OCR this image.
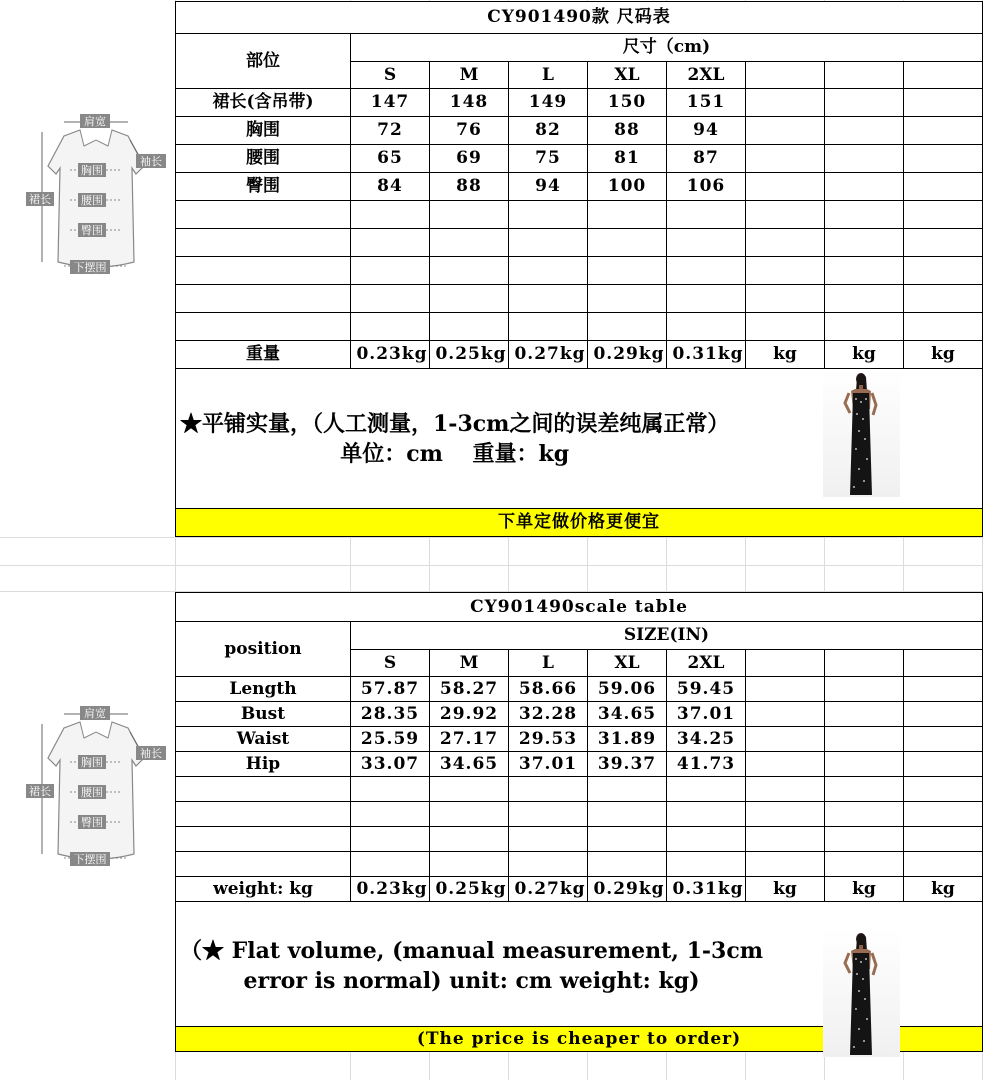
CY901490款 尺码表								
部位	尺寸（cm)							
	S	M	L	XL	2XL			
裙长(含吊带)	147	148	149	150	151			
胸围	72	76	82	88	94			
腰围	65	69	75	81	87			
臀围	84	88	94	100	106			

重量	0.23kg	0.25kg	0.27kg	0.29kg	0.31kg	kg	kg	kg

★平铺实量，（人工测量，1-3cm之间的误差纯属正常）
单位：cm　 重量：kg								

下单定做价格更便宜								
CY901490scale table								
position	SIZE(IN)							
	S	M	L	XL	2XL			
Length	57.87	58.27	58.66	59.06	59.45			
Bust	28.35	29.92	32.28	34.65	37.01			
Waist	25.59	27.17	29.53	31.89	34.25			
Hip	33.07	34.65	37.01	39.37	41.73			

weight: kg	0.23kg	0.25kg	0.27kg	0.29kg	0.31kg	kg	kg	kg

（★ Flat volume, (manual measurement, 1-3cm
error is normal) unit: cm weight: kg)								

(The price is cheaper to order)								
肩宽
袖长
裙长
胸围
腰围
臀围
下摆围
肩宽
袖长
裙长
胸围
腰围
臀围
下摆围
